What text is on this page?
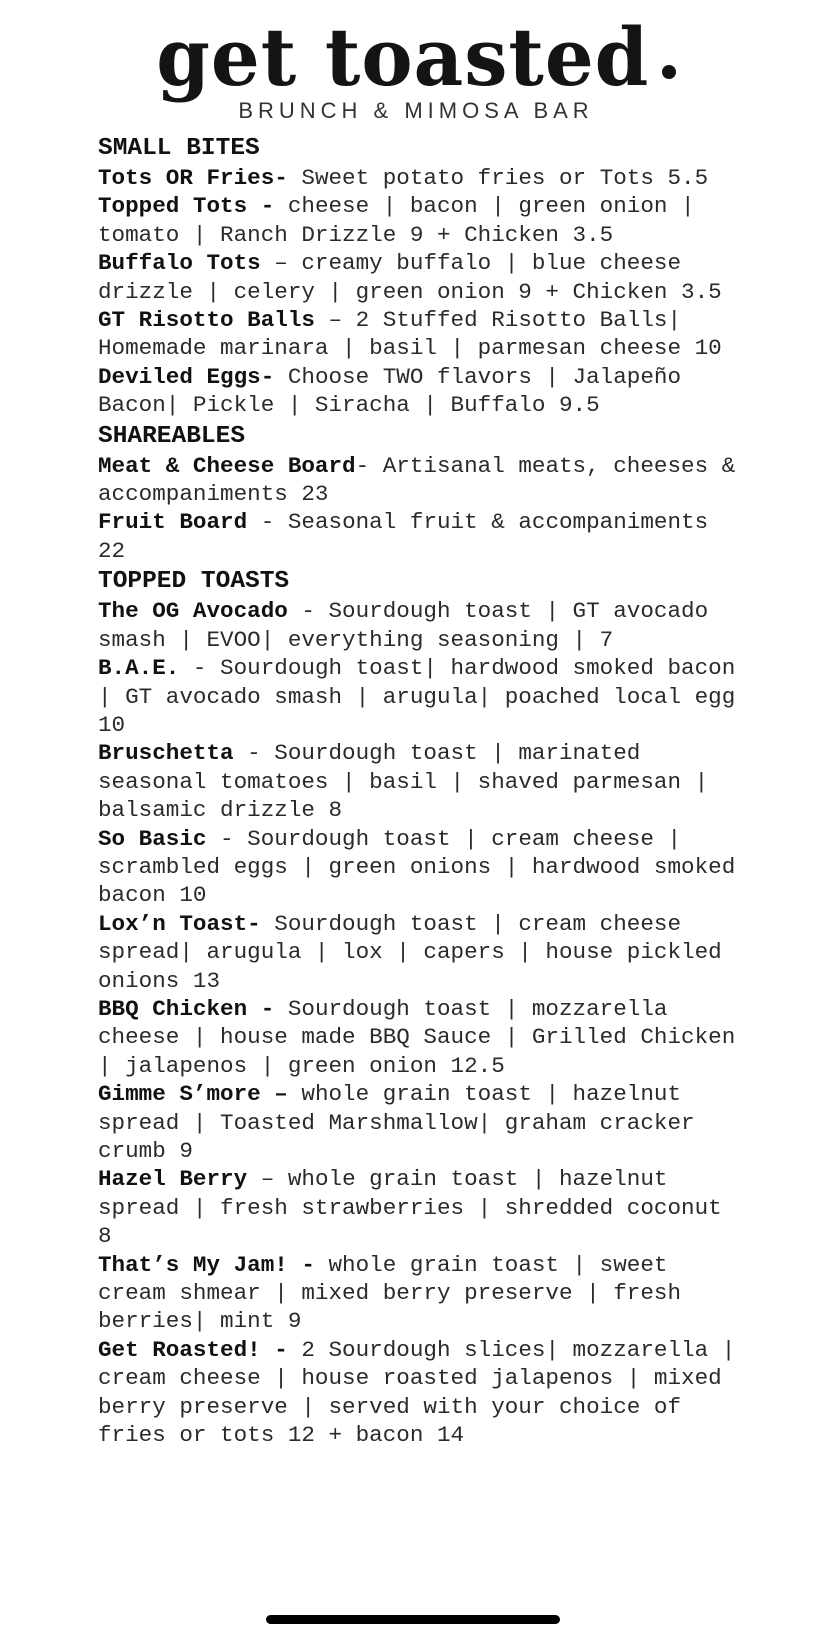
get toasted
BRUNCH & MIMOSA BAR
SMALL BITES

Tots OR Fries- Sweet potato fries or Tots 5.5

Topped Tots - cheese | bacon | green onion | tomato | Ranch Drizzle 9 + Chicken 3.5

Buffalo Tots – creamy buffalo | blue cheese drizzle | celery | green onion 9 + Chicken 3.5

GT Risotto Balls – 2 Stuffed Risotto Balls| Homemade marinara | basil | parmesan cheese 10

Deviled Eggs- Choose TWO flavors | Jalapeño Bacon| Pickle | Siracha | Buffalo 9.5

SHAREABLES

Meat & Cheese Board- Artisanal meats, cheeses & accompaniments 23

Fruit Board - Seasonal fruit & accompaniments 22

TOPPED TOASTS

The OG Avocado - Sourdough toast | GT avocado smash | EVOO| everything seasoning | 7

B.A.E. - Sourdough toast| hardwood smoked bacon | GT avocado smash | arugula| poached local egg 10

Bruschetta - Sourdough toast | marinated seasonal tomatoes | basil | shaved parmesan | balsamic drizzle 8

So Basic - Sourdough toast | cream cheese | scrambled eggs | green onions | hardwood smoked bacon 10

Lox’n Toast- Sourdough toast | cream cheese spread| arugula | lox | capers | house pickled onions 13

BBQ Chicken - Sourdough toast | mozzarella cheese | house made BBQ Sauce | Grilled Chicken | jalapenos | green onion 12.5

Gimme S’more – whole grain toast | hazelnut spread | Toasted Marshmallow| graham cracker crumb 9

Hazel Berry – whole grain toast | hazelnut spread | fresh strawberries | shredded coconut 8

That’s My Jam! - whole grain toast | sweet cream shmear | mixed berry preserve | fresh berries| mint 9

Get Roasted! - 2 Sourdough slices| mozzarella | cream cheese | house roasted jalapenos | mixed berry preserve | served with your choice of fries or tots 12 + bacon 14
